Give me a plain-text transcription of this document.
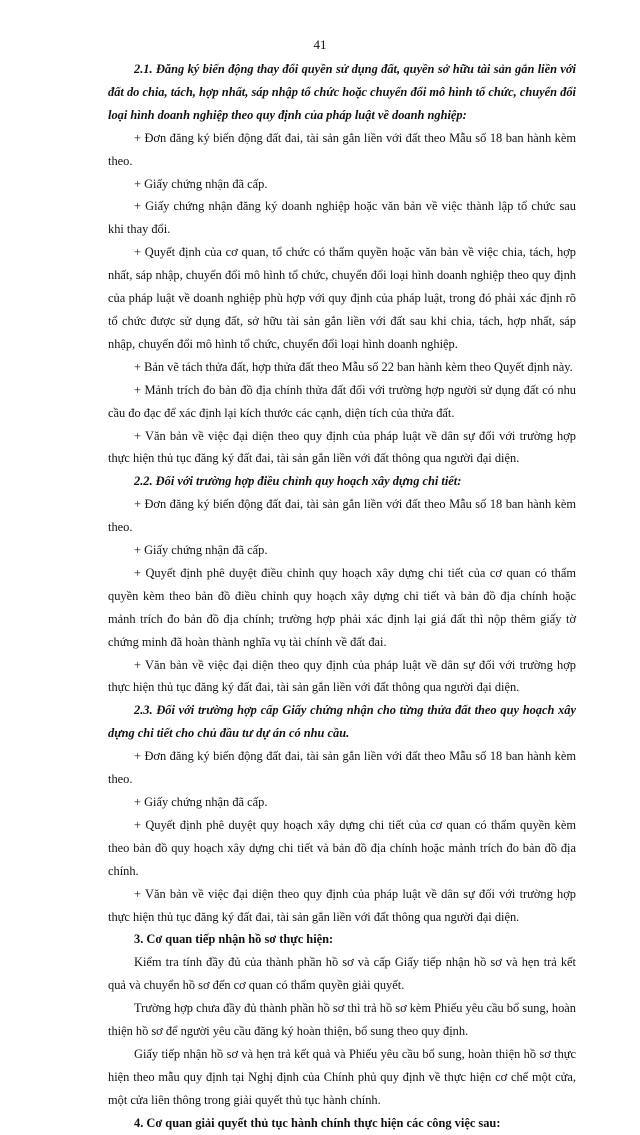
41

2.1. Đăng ký biến động thay đổi quyền sử dụng đất, quyền sở hữu tài sản gắn liền với đất do chia, tách, hợp nhất, sáp nhập tổ chức hoặc chuyển đổi mô hình tổ chức, chuyển đổi loại hình doanh nghiệp theo quy định của pháp luật về doanh nghiệp:

+ Đơn đăng ký biến động đất đai, tài sản gắn liền với đất theo Mẫu số 18 ban hành kèm theo.

+ Giấy chứng nhận đã cấp.

+ Giấy chứng nhận đăng ký doanh nghiệp hoặc văn bản về việc thành lập tổ chức sau khi thay đổi.

+ Quyết định của cơ quan, tổ chức có thẩm quyền hoặc văn bản về việc chia, tách, hợp nhất, sáp nhập, chuyển đổi mô hình tổ chức, chuyển đổi loại hình doanh nghiệp theo quy định của pháp luật về doanh nghiệp phù hợp với quy định của pháp luật, trong đó phải xác định rõ tổ chức được sử dụng đất, sở hữu tài sản gắn liền với đất sau khi chia, tách, hợp nhất, sáp nhập, chuyển đổi mô hình tổ chức, chuyển đổi loại hình doanh nghiệp.

+ Bản vẽ tách thửa đất, hợp thửa đất theo Mẫu số 22 ban hành kèm theo Quyết định này.

+ Mảnh trích đo bản đồ địa chính thửa đất đối với trường hợp người sử dụng đất có nhu cầu đo đạc để xác định lại kích thước các cạnh, diện tích của thửa đất.

+ Văn bản về việc đại diện theo quy định của pháp luật về dân sự đối với trường hợp thực hiện thủ tục đăng ký đất đai, tài sản gắn liền với đất thông qua người đại diện.

2.2. Đối với trường hợp điều chỉnh quy hoạch xây dựng chi tiết:

+ Đơn đăng ký biến động đất đai, tài sản gắn liền với đất theo Mẫu số 18 ban hành kèm theo.

+ Giấy chứng nhận đã cấp.

+ Quyết định phê duyệt điều chỉnh quy hoạch xây dựng chi tiết của cơ quan có thẩm quyền kèm theo bản đồ điều chỉnh quy hoạch xây dựng chi tiết và bản đồ địa chính hoặc mảnh trích đo bản đồ địa chính; trường hợp phải xác định lại giá đất thì nộp thêm giấy tờ chứng minh đã hoàn thành nghĩa vụ tài chính về đất đai.

+ Văn bản về việc đại diện theo quy định của pháp luật về dân sự đối với trường hợp thực hiện thủ tục đăng ký đất đai, tài sản gắn liền với đất thông qua người đại diện.

2.3. Đối với trường hợp cấp Giấy chứng nhận cho từng thửa đất theo quy hoạch xây dựng chi tiết cho chủ đầu tư dự án có nhu cầu.

+ Đơn đăng ký biến động đất đai, tài sản gắn liền với đất theo Mẫu số 18 ban hành kèm theo.

+ Giấy chứng nhận đã cấp.

+ Quyết định phê duyệt quy hoạch xây dựng chi tiết của cơ quan có thẩm quyền kèm theo bản đồ quy hoạch xây dựng chi tiết và bản đồ địa chính hoặc mảnh trích đo bản đồ địa chính.

+ Văn bản về việc đại diện theo quy định của pháp luật về dân sự đối với trường hợp thực hiện thủ tục đăng ký đất đai, tài sản gắn liền với đất thông qua người đại diện.

3. Cơ quan tiếp nhận hồ sơ thực hiện:

Kiểm tra tính đầy đủ của thành phần hồ sơ và cấp Giấy tiếp nhận hồ sơ và hẹn trả kết quả và chuyển hồ sơ đến cơ quan có thẩm quyền giải quyết.

Trường hợp chưa đầy đủ thành phần hồ sơ thì trả hồ sơ kèm Phiếu yêu cầu bổ sung, hoàn thiện hồ sơ để người yêu cầu đăng ký hoàn thiện, bổ sung theo quy định.

Giấy tiếp nhận hồ sơ và hẹn trả kết quả và Phiếu yêu cầu bổ sung, hoàn thiện hồ sơ thực hiện theo mẫu quy định tại Nghị định của Chính phủ quy định về thực hiện cơ chế một cửa, một cửa liên thông trong giải quyết thủ tục hành chính.

4. Cơ quan giải quyết thủ tục hành chính thực hiện các công việc sau:
